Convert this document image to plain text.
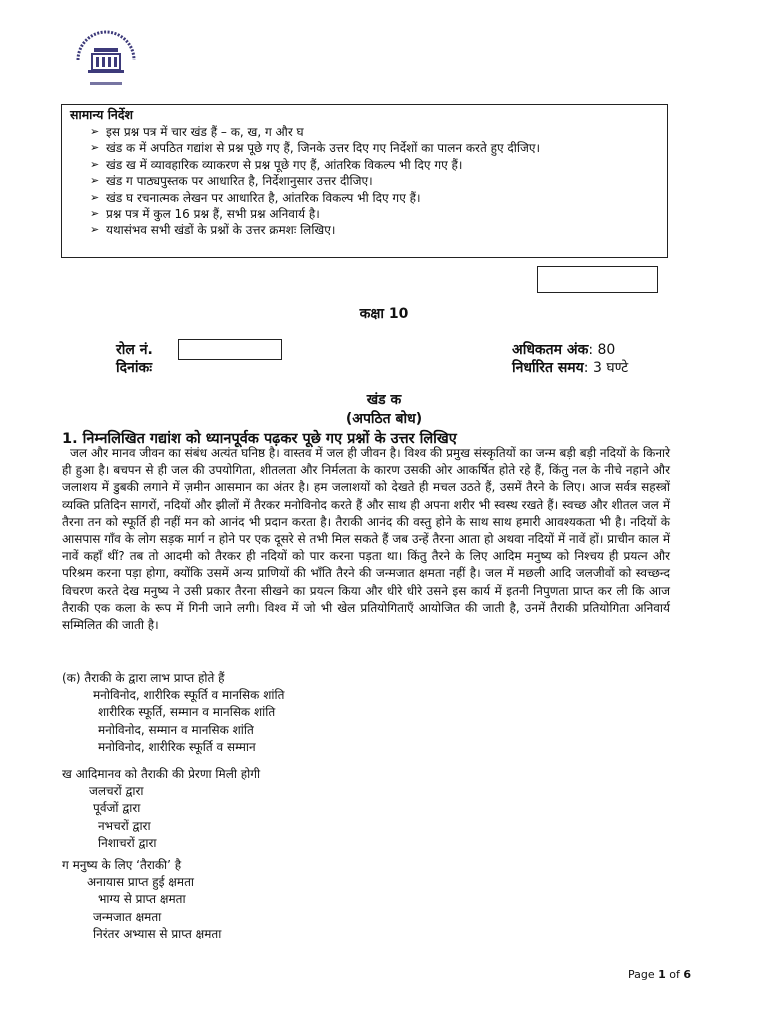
सामान्य निर्देश
➢ इस प्रश्न पत्र में चार खंड हैं – क, ख, ग और घ
➢ खंड क में अपठित गद्यांश से प्रश्न पूछे गए हैं, जिनके उत्तर दिए गए निर्देशों का पालन करते हुए दीजिए।
➢ खंड ख में व्यावहारिक व्याकरण से प्रश्न पूछे गए हैं, आंतरिक विकल्प भी दिए गए हैं।
➢ खंड ग पाठ्यपुस्तक पर आधारित है, निर्देशानुसार उत्तर दीजिए।
➢ खंड घ रचनात्मक लेखन पर आधारित है, आंतरिक विकल्प भी दिए गए हैं।
➢ प्रश्न पत्र में कुल 16 प्रश्न हैं, सभी प्रश्न अनिवार्य है।
➢ यथासंभव सभी खंडों के प्रश्नों के उत्तर क्रमशः लिखिए।
कक्षा 10
रोल नं.
दिनांकः
अधिकतम अंक: 80
निर्धारित समय: 3 घण्टे
खंड क
(अपठित बोध)
1. निम्नलिखित गद्यांश को ध्यानपूर्वक पढ़कर पूछे गए प्रश्नों के उत्तर लिखिए

जल और मानव जीवन का संबंध अत्यंत घनिष्ठ है। वास्तव में जल ही जीवन है। विश्व की प्रमुख संस्कृतियों का जन्म बड़ी बड़ी नदियों के किनारे ही हुआ है। बचपन से ही जल की उपयोगिता, शीतलता और निर्मलता के कारण उसकी ओर आकर्षित होते रहे हैं, किंतु नल के नीचे नहाने और जलाशय में डुबकी लगाने में ज़मीन आसमान का अंतर है। हम जलाशयों को देखते ही मचल उठते हैं, उसमें तैरने के लिए। आज सर्वत्र सहस्त्रों व्यक्ति प्रतिदिन सागरों, नदियों और झीलों में तैरकर मनोविनोद करते हैं और साथ ही अपना शरीर भी स्वस्थ रखते हैं। स्वच्छ और शीतल जल में तैरना तन को स्फूर्ति ही नहीं मन को आनंद भी प्रदान करता है। तैराकी आनंद की वस्तु होने के साथ साथ हमारी आवश्यकता भी है। नदियों के आसपास गाँव के लोग सड़क मार्ग न होने पर एक दूसरे से तभी मिल सकते हैं जब उन्हें तैरना आता हो अथवा नदियों में नावें हों। प्राचीन काल में नावें कहाँ थीं? तब तो आदमी को तैरकर ही नदियों को पार करना पड़ता था। किंतु तैरने के लिए आदिम मनुष्य को निश्चय ही प्रयत्न और परिश्रम करना पड़ा होगा, क्योंकि उसमें अन्य प्राणियों की भाँति तैरने की जन्मजात क्षमता नहीं है। जल में मछली आदि जलजीवों को स्वच्छन्द विचरण करते देख मनुष्य ने उसी प्रकार तैरना सीखने का प्रयत्न किया और धीरे धीरे उसने इस कार्य में इतनी निपुणता प्राप्त कर ली कि आज तैराकी एक कला के रूप में गिनी जाने लगी। विश्व में जो भी खेल प्रतियोगिताएँ आयोजित की जाती है, उनमें तैराकी प्रतियोगिता अनिवार्य सम्मिलित की जाती है।

(क) तैराकी के द्वारा लाभ प्राप्त होते हैं
मनोविनोद, शारीरिक स्फूर्ति व मानसिक शांति
शारीरिक स्फूर्ति, सम्मान व मानसिक शांति
मनोविनोद, सम्मान व मानसिक शांति
मनोविनोद, शारीरिक स्फूर्ति व सम्मान
ख आदिमानव को तैराकी की प्रेरणा मिली होगी
जलचरों द्वारा
पूर्वजों द्वारा
नभचरों द्वारा
निशाचरों द्वारा
ग मनुष्य के लिए ‘तैराकी’ है
अनायास प्राप्त हुई क्षमता
भाग्य से प्राप्त क्षमता
जन्मजात क्षमता
निरंतर अभ्यास से प्राप्त क्षमता
Page 1 of 6
